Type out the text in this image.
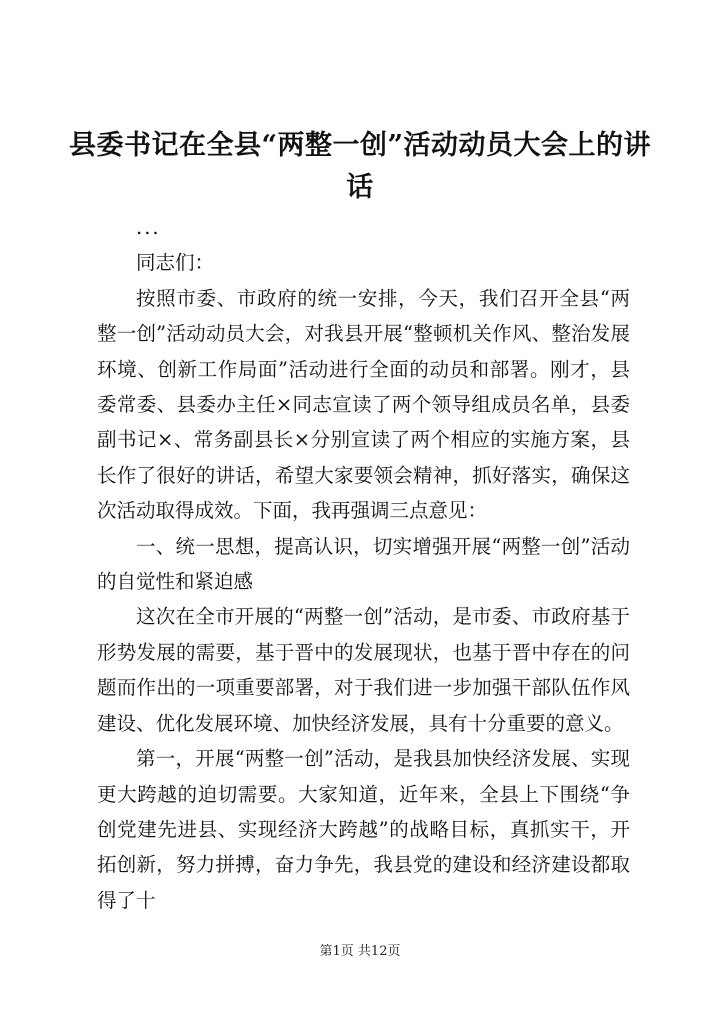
县委书记在全县“两整一创”活动动员大会上的讲话

...

同志们：

按照市委、市政府的统一安排，今天，我们召开全县“两整一创”活动动员大会，对我县开展“整顿机关作风、整治发展环境、创新工作局面”活动进行全面的动员和部署。刚才，县委常委、县委办主任×同志宣读了两个领导组成员名单，县委副书记×、常务副县长×分别宣读了两个相应的实施方案，县长作了很好的讲话，希望大家要领会精神，抓好落实，确保这次活动取得成效。下面，我再强调三点意见：

一、统一思想，提高认识，切实增强开展“两整一创”活动的自觉性和紧迫感

这次在全市开展的“两整一创”活动，是市委、市政府基于形势发展的需要，基于晋中的发展现状，也基于晋中存在的问题而作出的一项重要部署，对于我们进一步加强干部队伍作风建设、优化发展环境、加快经济发展，具有十分重要的意义。

第一，开展“两整一创”活动，是我县加快经济发展、实现更大跨越的迫切需要。大家知道，近年来，全县上下围绕“争创党建先进县、实现经济大跨越”的战略目标，真抓实干，开拓创新，努力拼搏，奋力争先，我县党的建设和经济建设都取得了十

第1页 共12页
